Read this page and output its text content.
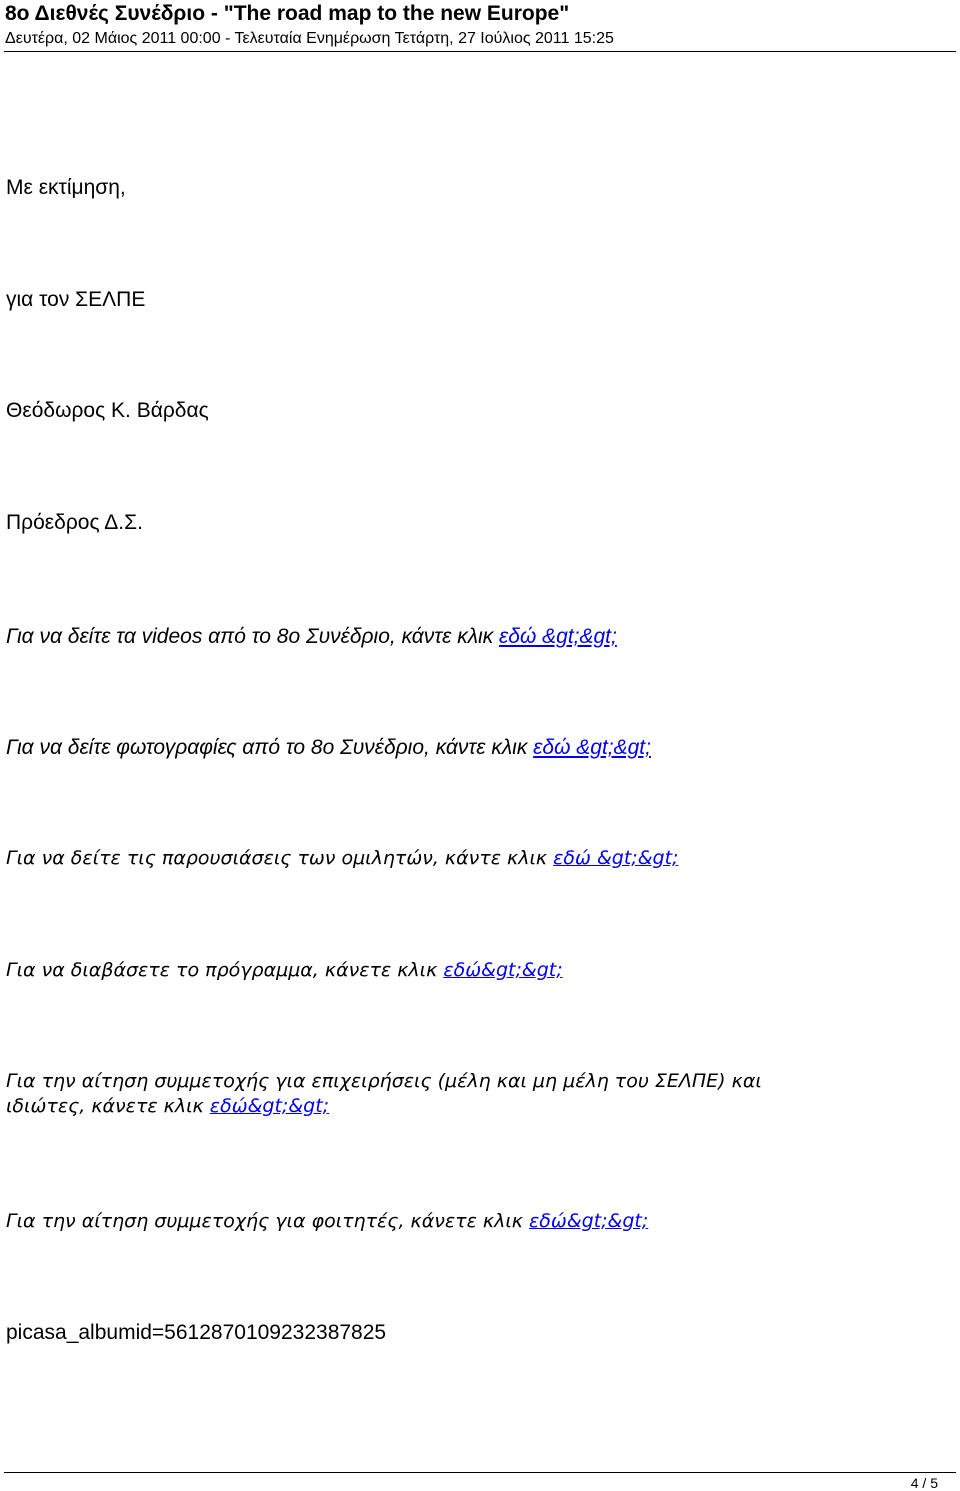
8ο Διεθνές Συνέδριο - "The road map to the new Europe"
Δευτέρα, 02 Μάιος 2011 00:00 - Τελευταία Ενημέρωση Τετάρτη, 27 Ιούλιος 2011 15:25
Με εκτίμηση,
για τον ΣΕΛΠΕ
Θεόδωρος Κ. Βάρδας
Πρόεδρος Δ.Σ.
Για να δείτε τα videos από το 8ο Συνέδριο, κάντε κλικ εδώ &gt;&gt;
Για να δείτε φωτογραφίες από το 8ο Συνέδριο, κάντε κλικ εδώ &gt;&gt;
Για να δείτε τις παρουσιάσεις των ομιλητών, κάντε κλικ εδώ &gt;&gt;
Για να διαβάσετε το πρόγραμμα, κάνετε κλικ εδώ&gt;&gt;
Για την αίτηση συμμετοχής για επιχειρήσεις (μέλη και μη μέλη του ΣΕΛΠΕ) και
ιδιώτες, κάνετε κλικ εδώ&gt;&gt;
Για την αίτηση συμμετοχής για φοιτητές, κάνετε κλικ εδώ&gt;&gt;
picasa_albumid=5612870109232387825
4 / 5
